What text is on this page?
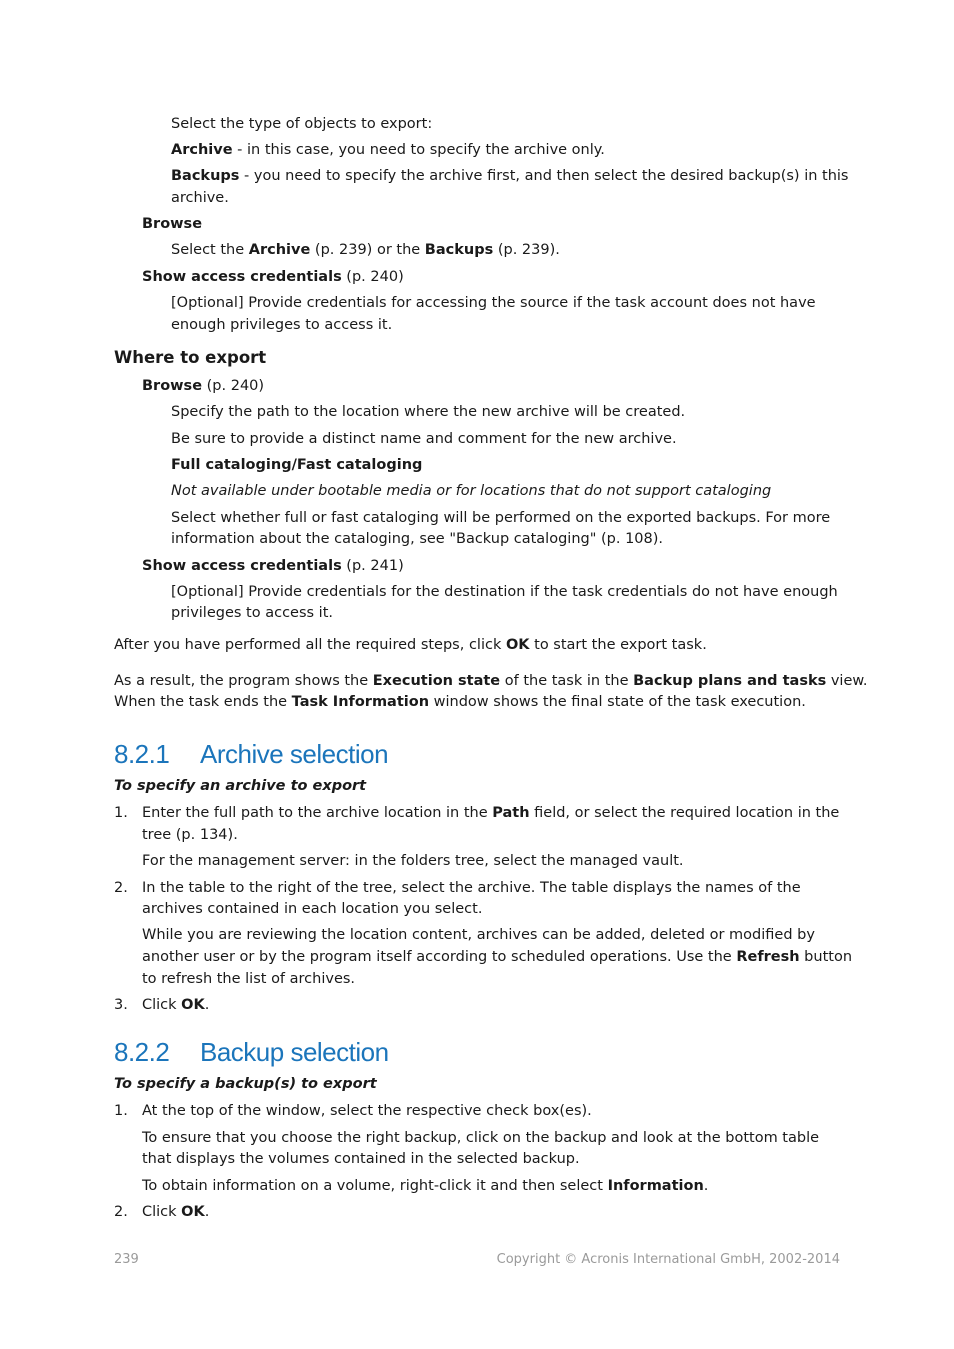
Select the type of objects to export:

Archive - in this case, you need to specify the archive only.

Backups - you need to specify the archive first, and then select the desired backup(s) in this

archive.

Browse

Select the Archive (p. 239) or the Backups (p. 239).

Show access credentials (p. 240)

[Optional] Provide credentials for accessing the source if the task account does not have

enough privileges to access it.

Where to export

Browse (p. 240)

Specify the path to the location where the new archive will be created.

Be sure to provide a distinct name and comment for the new archive.

Full cataloging/Fast cataloging

Not available under bootable media or for locations that do not support cataloging

Select whether full or fast cataloging will be performed on the exported backups. For more

information about the cataloging, see "Backup cataloging" (p. 108).

Show access credentials (p. 241)

[Optional] Provide credentials for the destination if the task credentials do not have enough

privileges to access it.

After you have performed all the required steps, click OK to start the export task.

As a result, the program shows the Execution state of the task in the Backup plans and tasks view.

When the task ends the Task Information window shows the final state of the task execution.

8.2.1 Archive selection

To specify an archive to export

1. Enter the full path to the archive location in the Path field, or select the required location in the

tree (p. 134).

For the management server: in the folders tree, select the managed vault.

2. In the table to the right of the tree, select the archive. The table displays the names of the

archives contained in each location you select.

While you are reviewing the location content, archives can be added, deleted or modified by

another user or by the program itself according to scheduled operations. Use the Refresh button

to refresh the list of archives.

3. Click OK.

8.2.2 Backup selection

To specify a backup(s) to export

1. At the top of the window, select the respective check box(es).

To ensure that you choose the right backup, click on the backup and look at the bottom table

that displays the volumes contained in the selected backup.

To obtain information on a volume, right-click it and then select Information.

2. Click OK.

239	Copyright © Acronis International GmbH, 2002-2014
